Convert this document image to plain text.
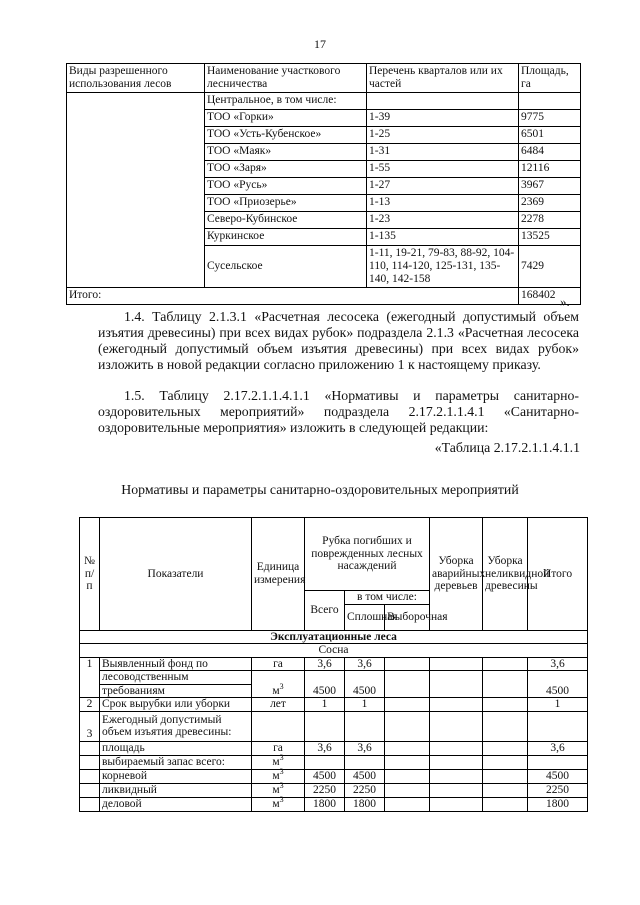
17
Виды разрешенного использования лесов	Наименование участкового лесничества	Перечень кварталов или их частей	Площадь, га
	Центральное, в том числе:		
	ТОО «Горки»	1-39	9775
	ТОО «Усть-Кубенское»	1-25	6501
	ТОО «Маяк»	1-31	6484
	ТОО «Заря»	1-55	12116
	ТОО «Русь»	1-27	3967
	ТОО «Приозерье»	1-13	2369
	Северо-Кубинское	1-23	2278
	Куркинское	1-135	13525
	Сусельское	1-11, 19-21, 79-83, 88-92, 104-110, 114-120, 125-131, 135-140, 142-158	7429
Итого:			168402 ».
1.4. Таблицу 2.1.3.1 «Расчетная лесосека (ежегодный допустимый объем изъятия древесины) при всех видах рубок» подраздела 2.1.3 «Расчетная лесосека (ежегодный допустимый объем изъятия древесины) при всех видах рубок» изложить в новой редакции согласно приложению 1 к настоящему приказу.
1.5. Таблицу 2.17.2.1.1.4.1.1 «Нормативы и параметры санитарно-оздоровительных мероприятий» подраздела 2.17.2.1.1.4.1 «Санитарно-оздоровительные мероприятия» изложить в следующей редакции:
«Таблица 2.17.2.1.1.4.1.1
Нормативы и параметры санитарно-оздоровительных мероприятий
№ п/п	Показатели	Единица измерения	Рубка погибших и поврежденных лесных насаждений			Уборка аварийных деревьев	Уборка неликвидной древесины	Итого
			Всего	в том числе:				
				Сплошная	Выборочная			
Эксплуатационные леса								
Сосна								
1	Выявленный фонд по	га	3,6	3,6				3,6
	лесоводственным	$м^3$	4500	4500				4500
	требованиям							
2	Срок вырубки или уборки	лет	1	1				1
3	Ежегодный допустимый
объем изъятия древесины:							
	площадь	га	3,6	3,6				3,6
	выбираемый запас всего:	$м^3$						
	корневой	$м^3$	4500	4500				4500
	ликвидный	$м^3$	2250	2250				2250
	деловой	$м^3$	1800	1800				1800
